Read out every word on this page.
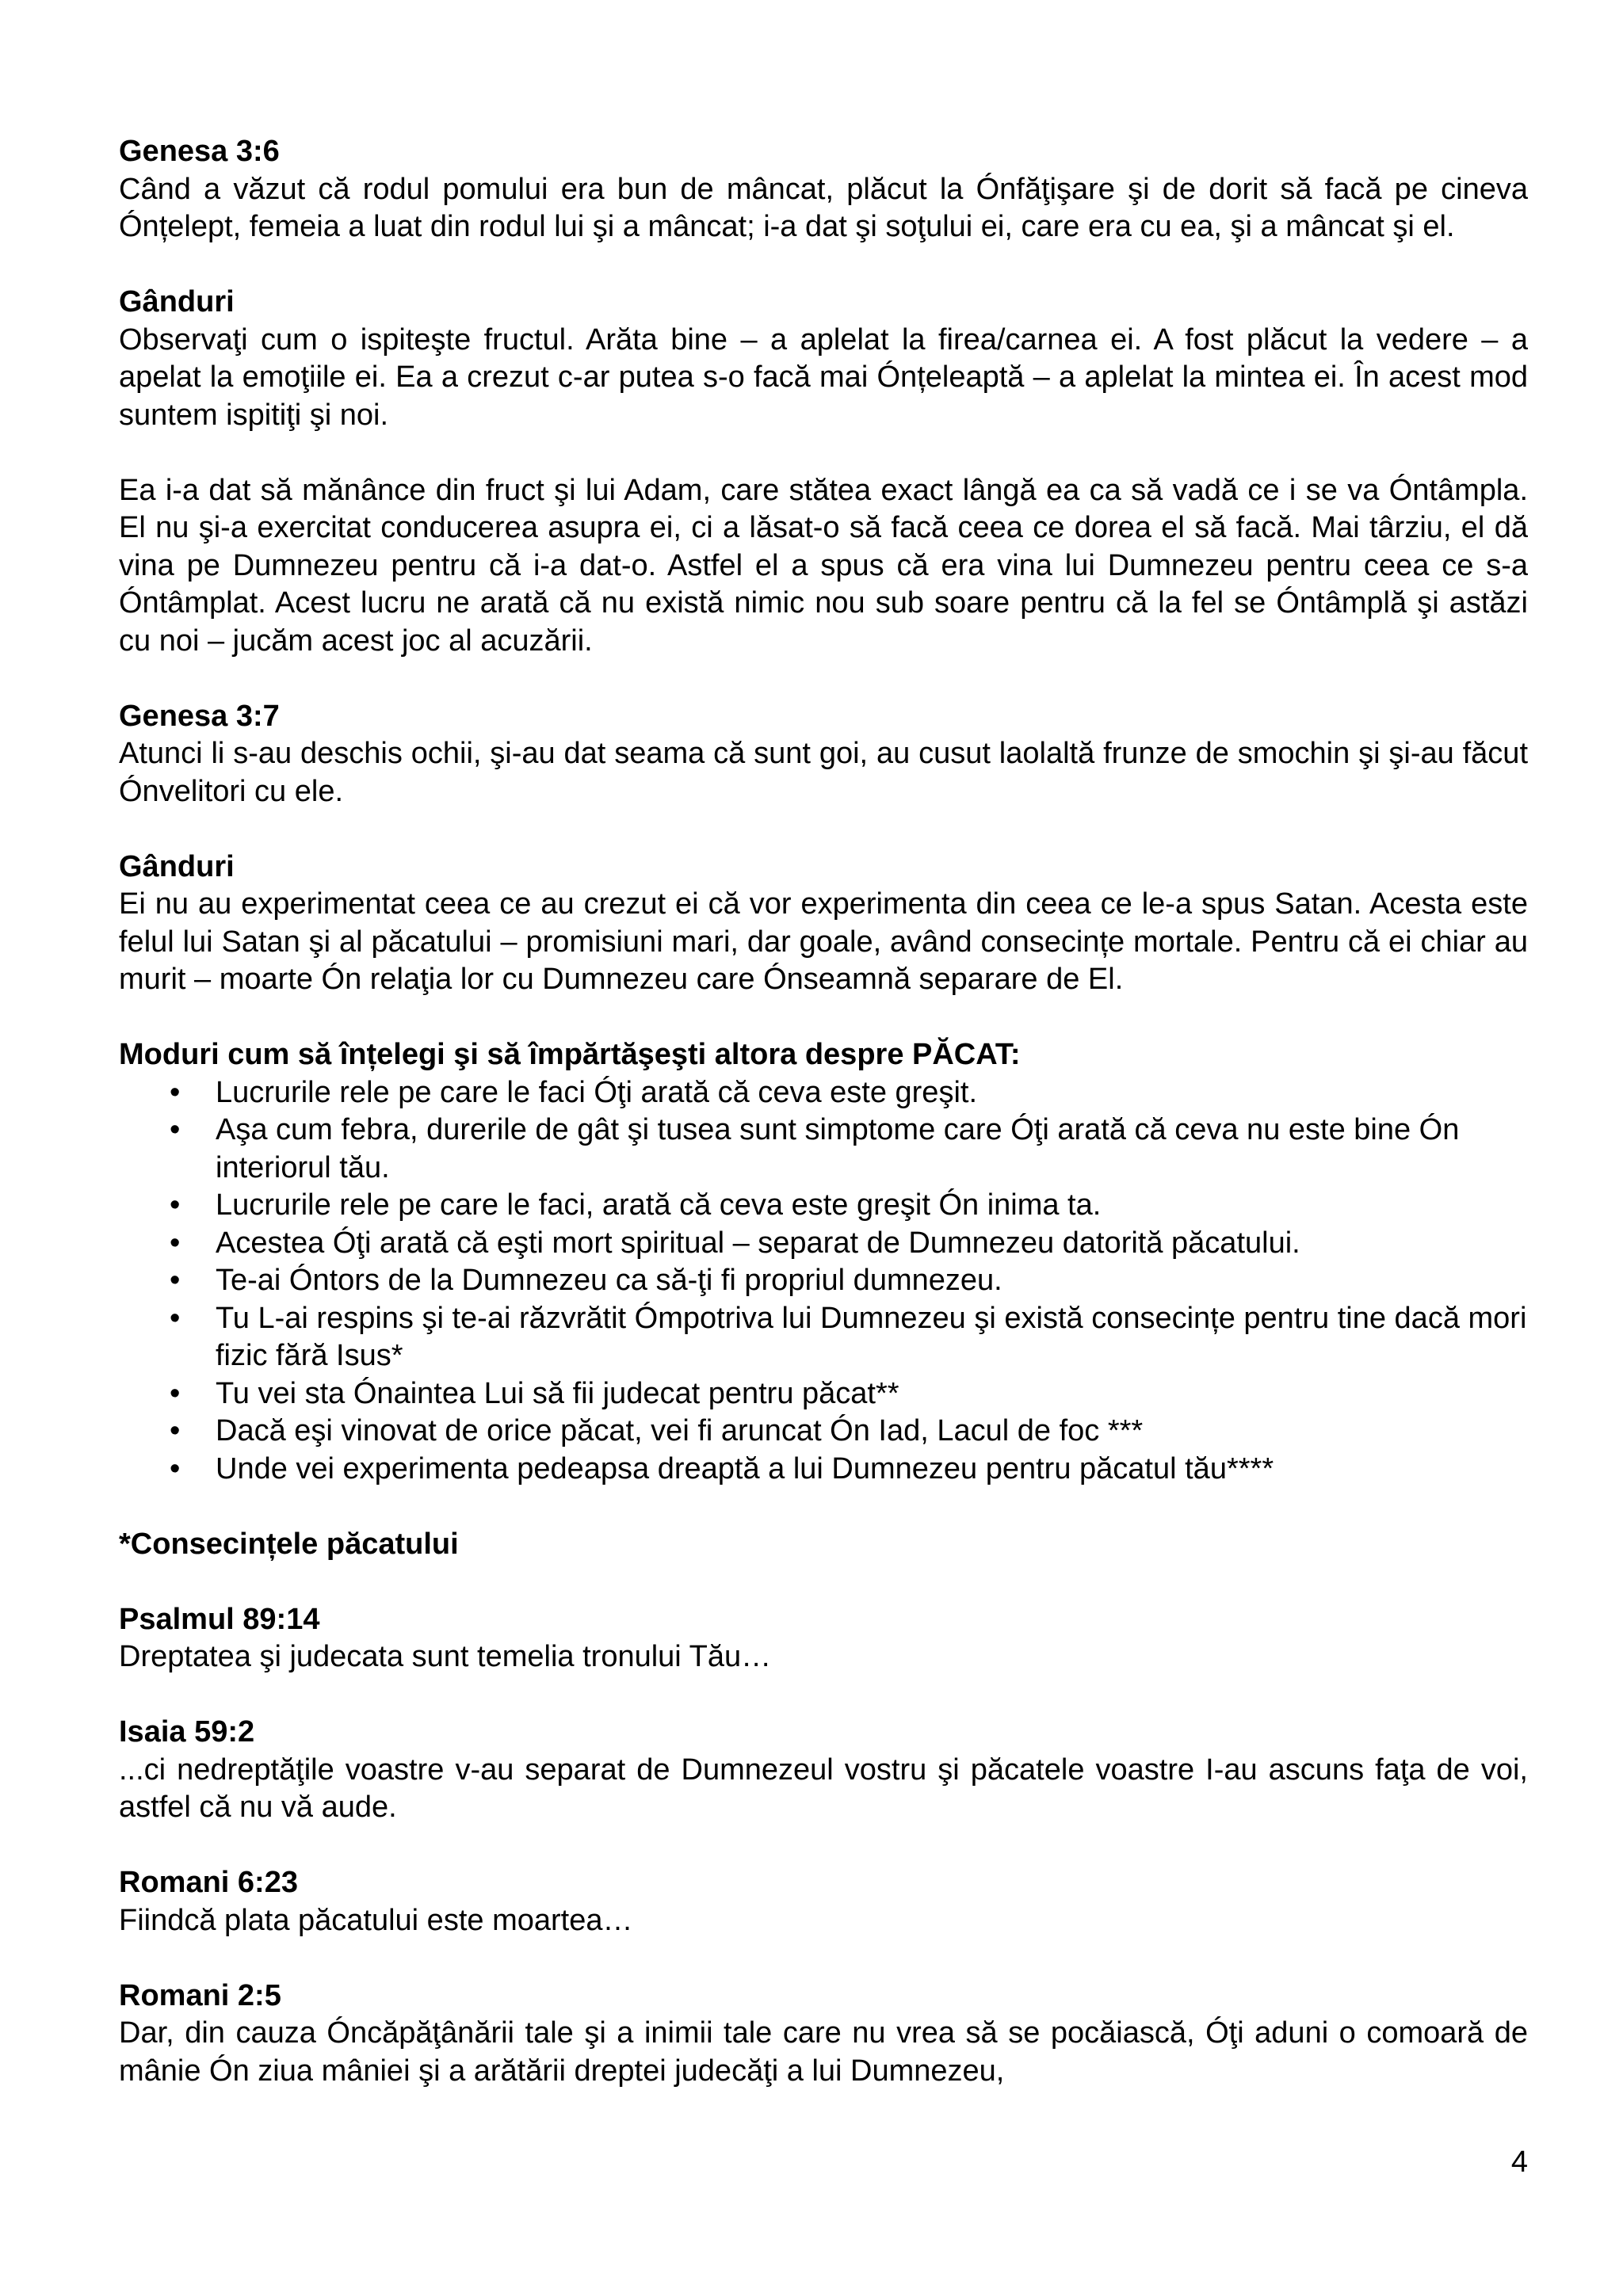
Genesa 3:6

Când a văzut că rodul pomului era bun de mâncat, plăcut la Ónfăţişare şi de dorit să facă pe cineva Ónțelept, femeia a luat din rodul lui şi a mâncat; i-a dat şi soţului ei, care era cu ea, şi a mâncat şi el.

Gânduri

Observaţi cum o ispiteşte fructul. Arăta bine – a aplelat la firea/carnea ei. A fost plăcut la vedere – a apelat la emoţiile ei. Ea a crezut c-ar putea s-o facă mai Ónțeleaptă – a aplelat la mintea ei. În acest mod suntem ispitiţi şi noi.

Ea i-a dat să mănânce din fruct şi lui Adam, care stătea exact lângă ea ca să vadă ce i se va Óntâmpla. El nu şi-a exercitat conducerea asupra ei, ci a lăsat-o să facă ceea ce dorea el să facă. Mai târziu, el dă vina pe Dumnezeu pentru că i-a dat-o. Astfel el a spus că era vina lui Dumnezeu pentru ceea ce s-a Óntâmplat. Acest lucru ne arată că nu există nimic nou sub soare pentru că la fel se Óntâmplă şi astăzi cu noi – jucăm acest joc al acuzării.

Genesa 3:7

Atunci li s-au deschis ochii, şi-au dat seama că sunt goi, au cusut laolaltă frunze de smochin şi şi-au făcut Ónvelitori cu ele.

Gânduri

Ei nu au experimentat ceea ce au crezut ei că vor experimenta din ceea ce le-a spus Satan. Acesta este felul lui Satan şi al păcatului – promisiuni mari, dar goale, având consecințe mortale. Pentru că ei chiar au murit – moarte Ón relaţia lor cu Dumnezeu care Ónseamnă separare de El.

Moduri cum să înțelegi şi să împărtăşeşti altora despre PĂCAT:

• Lucrurile rele pe care le faci Óţi arată că ceva este greşit.
• Aşa cum febra, durerile de gât şi tusea sunt simptome care Óţi arată că ceva nu este bine Ón interiorul tău.
• Lucrurile rele pe care le faci, arată că ceva este greşit Ón inima ta.
• Acestea Óţi arată că eşti mort spiritual – separat de Dumnezeu datorită păcatului.
• Te-ai Óntors de la Dumnezeu ca să-ţi fi propriul dumnezeu.
• Tu L-ai respins şi te-ai răzvrătit Ómpotriva lui Dumnezeu şi există consecințe pentru tine dacă mori fizic fără Isus*
• Tu vei sta Ónaintea Lui să fii judecat pentru păcat**
• Dacă eşi vinovat de orice păcat, vei fi aruncat Ón Iad, Lacul de foc ***
• Unde vei experimenta pedeapsa dreaptă a lui Dumnezeu pentru păcatul tău****

*Consecințele păcatului

Psalmul 89:14

Dreptatea şi judecata sunt temelia tronului Tău…

Isaia 59:2

...ci nedreptăţile voastre v-au separat de Dumnezeul vostru şi păcatele voastre I-au ascuns faţa de voi, astfel că nu vă aude.

Romani 6:23

Fiindcă plata păcatului este moartea…

Romani 2:5

Dar, din cauza Óncăpăţânării tale şi a inimii tale care nu vrea să se pocăiască, Óţi aduni o comoară de mânie Ón ziua mâniei şi a arătării dreptei judecăţi a lui Dumnezeu,

4
